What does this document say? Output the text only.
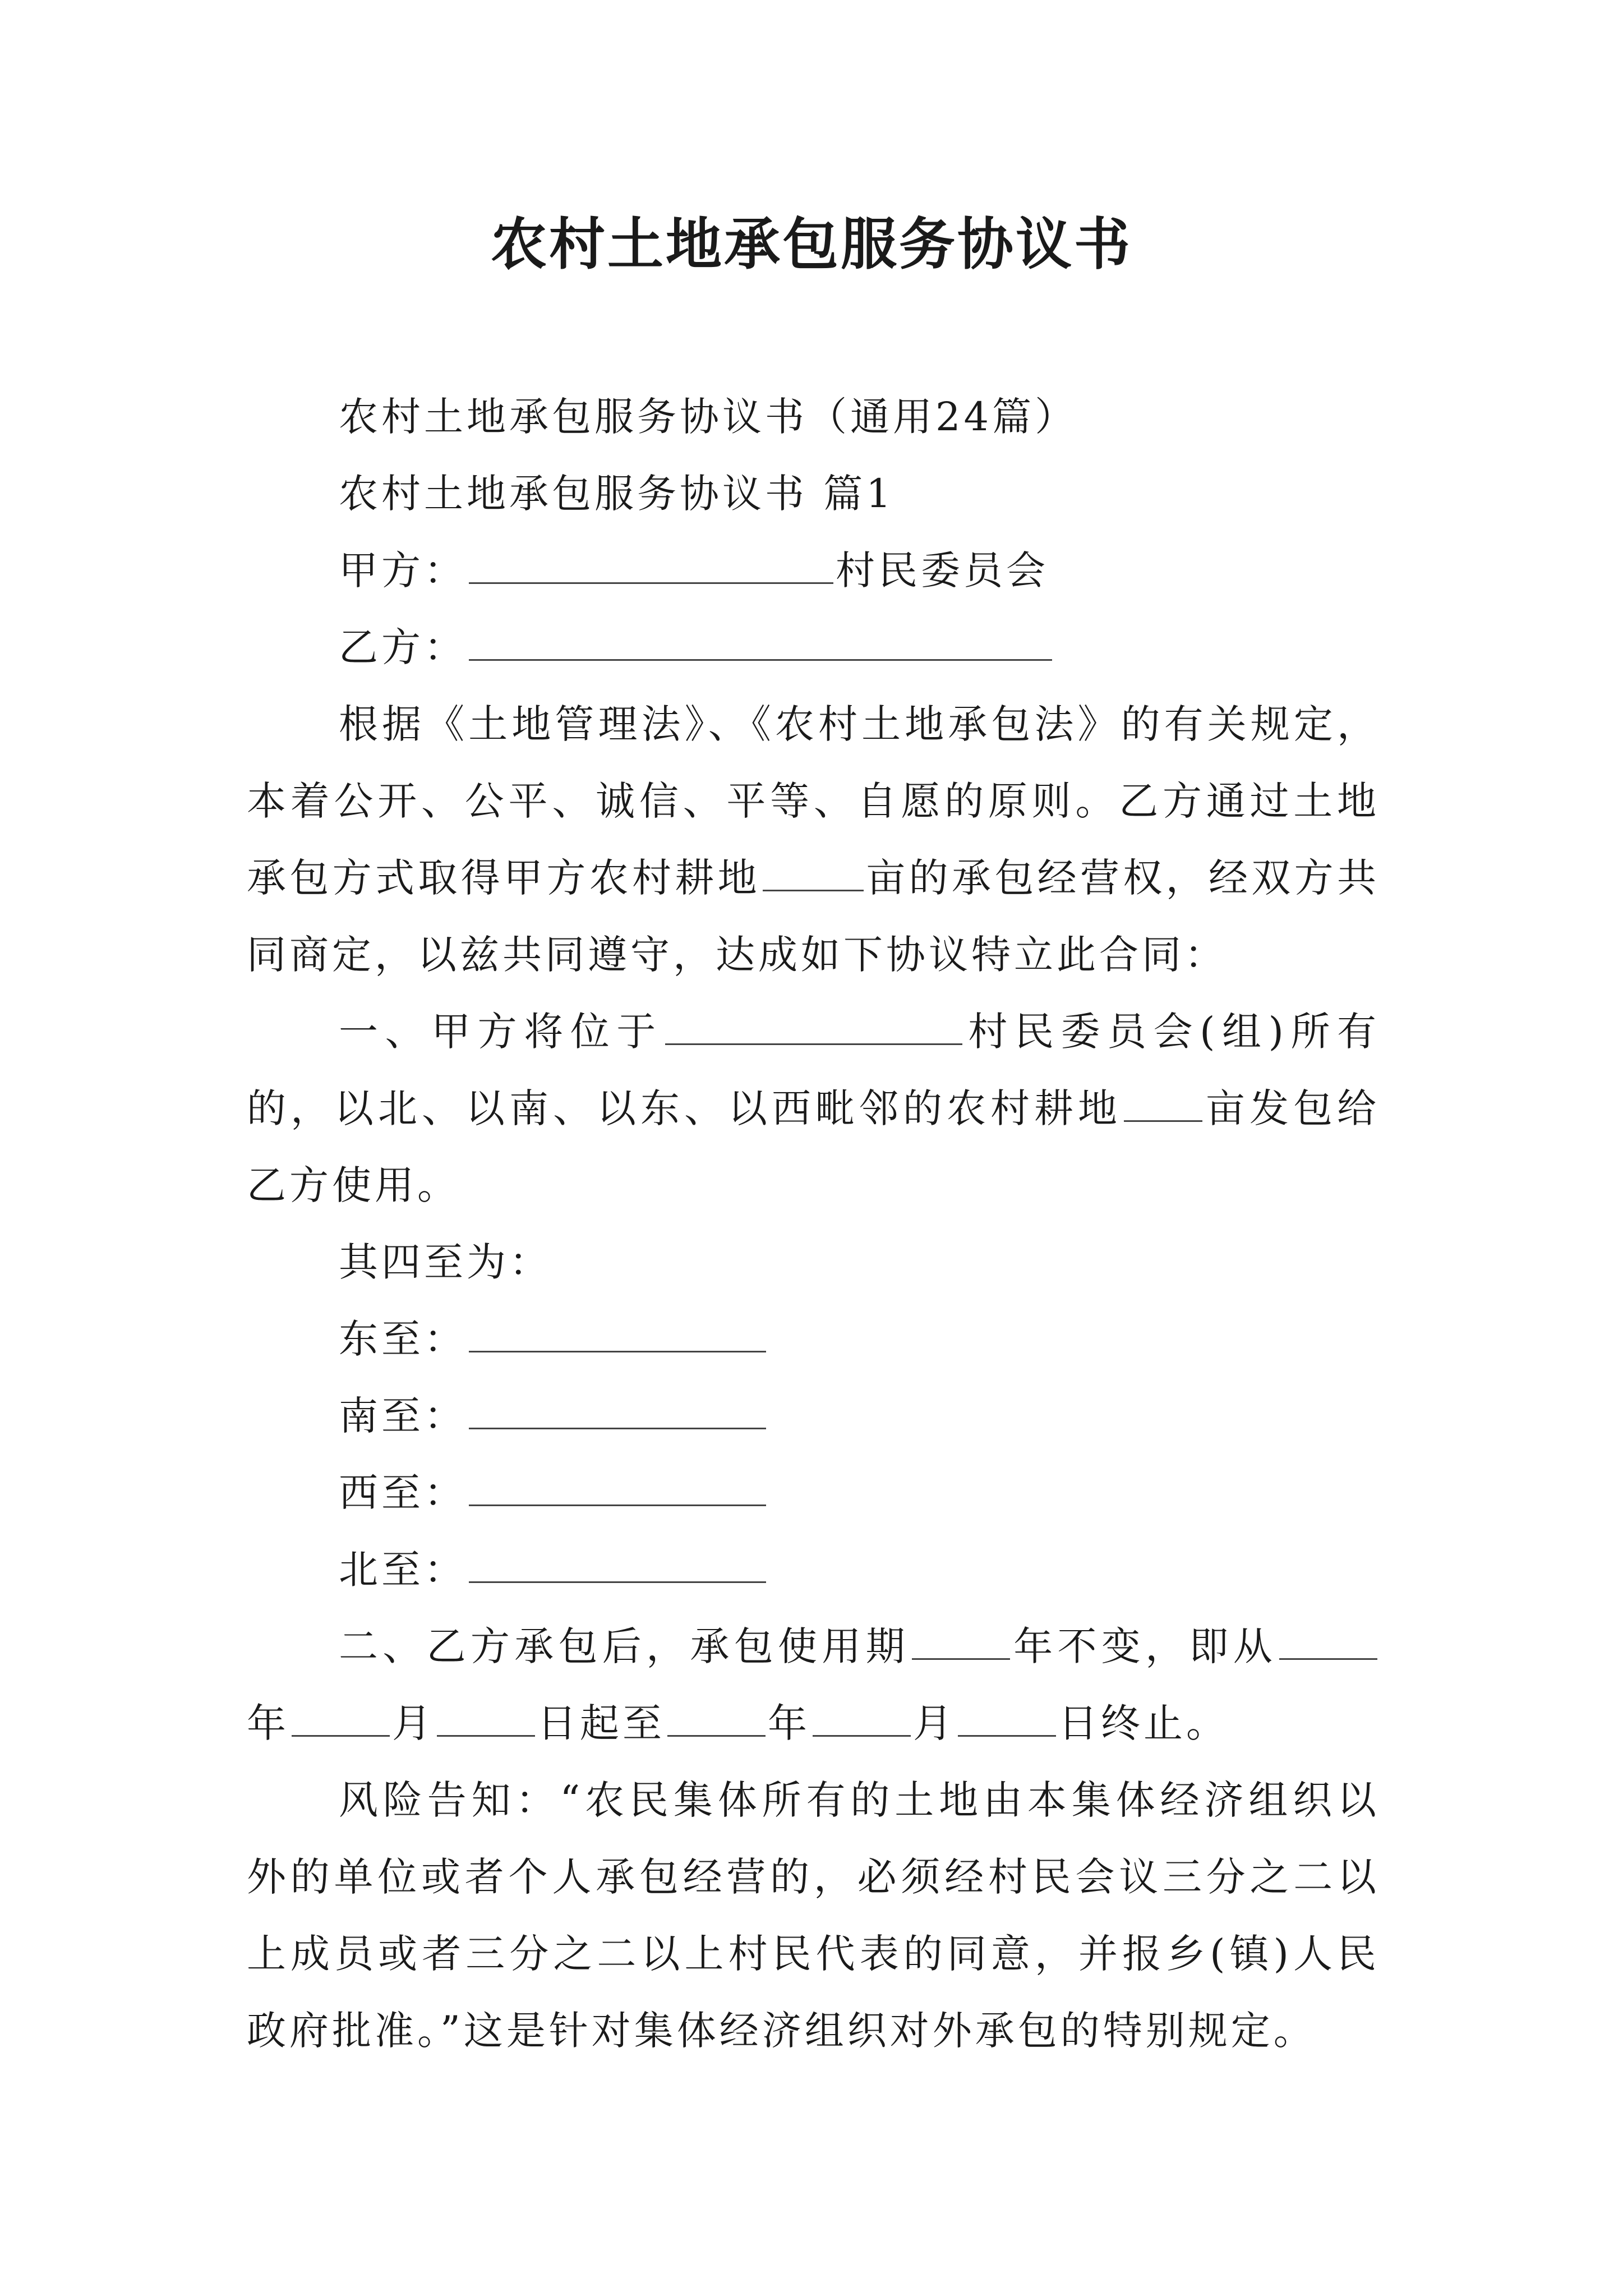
农村土地承包服务协议书

农村土地承包服务协议书（通用24篇）

农村土地承包服务协议书 篇1

甲方：	村民委员会

乙方：

根据《土地管理法》、《农村土地承包法》的有关规定，本着公开、公平、诚信、平等、自愿的原则。乙方通过土地承包方式取得甲方农村耕地	亩的承包经营权，经双方共同商定，以兹共同遵守，达成如下协议特立此合同：

一、甲方将位于	村民委员会(组)所有的，以北、以南、以东、以西毗邻的农村耕地 亩发包给乙方使用。

其四至为：

东至：

南至：

西至：

北至：

二、乙方承包后，承包使用期	年不变，即从年	月	日起至	年	月	日终止。

风险告知：“农民集体所有的土地由本集体经济组织以外的单位或者个人承包经营的，必须经村民会议三分之二以上成员或者三分之二以上村民代表的同意，并报乡(镇)人民政府批准。”这是针对集体经济组织对外承包的特别规定。
